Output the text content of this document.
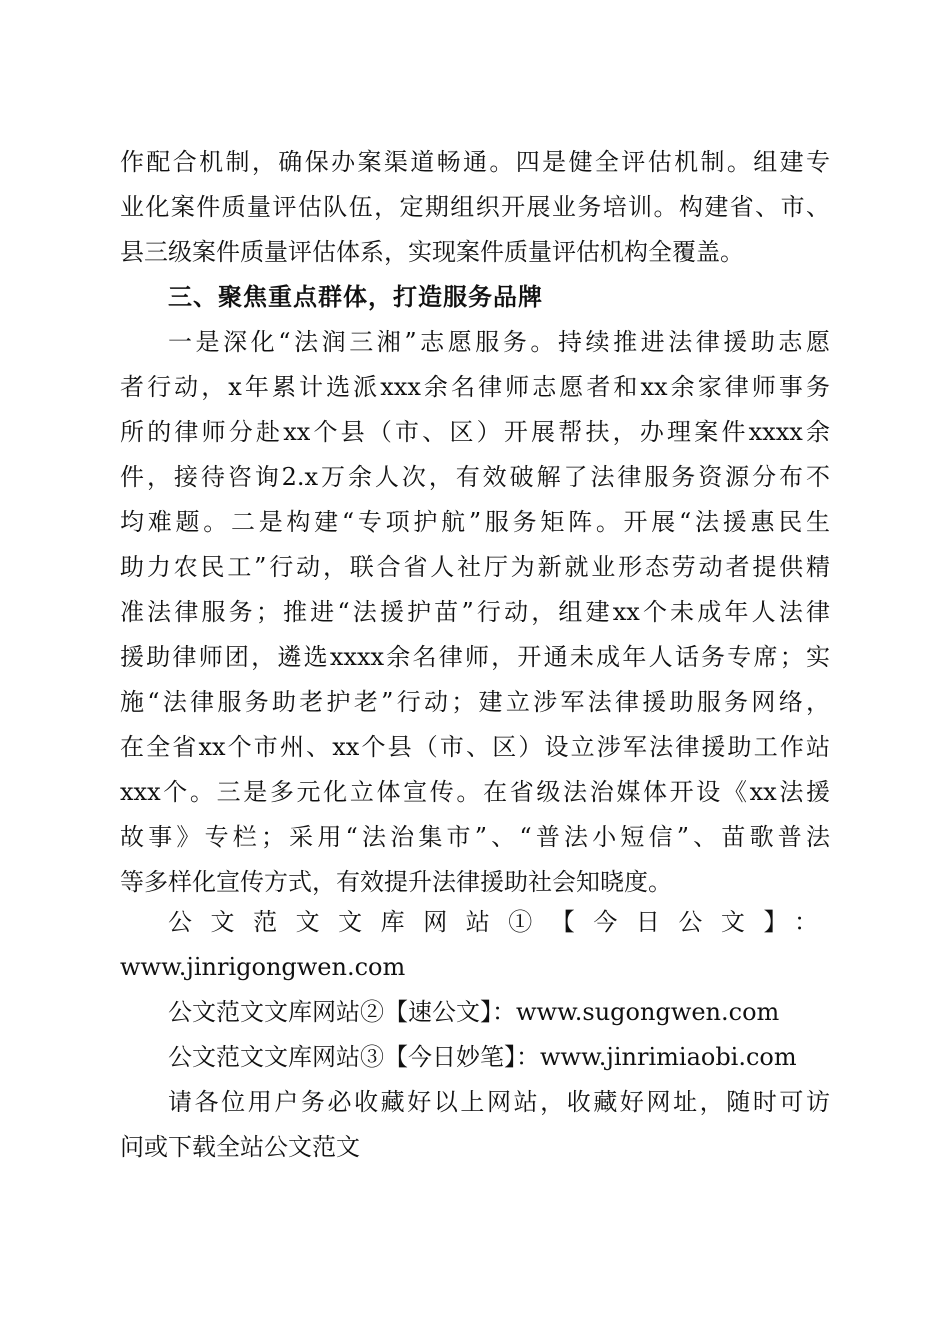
作配合机制，确保办案渠道畅通。四是健全评估机制。组建专
业化案件质量评估队伍，定期组织开展业务培训。构建省、市、
县三级案件质量评估体系，实现案件质量评估机构全覆盖。
三、聚焦重点群体，打造服务品牌
一是深化“法润三湘”志愿服务。持续推进法律援助志愿
者行动，x年累计选派xxx余名律师志愿者和xx余家律师事务
所的律师分赴xx个县（市、区）开展帮扶，办理案件xxxx余
件，接待咨询2.x万余人次，有效破解了法律服务资源分布不
均难题。二是构建“专项护航”服务矩阵。开展“法援惠民生
助力农民工”行动，联合省人社厅为新就业形态劳动者提供精
准法律服务；推进“法援护苗”行动，组建xx个未成年人法律
援助律师团，遴选xxxx余名律师，开通未成年人话务专席；实
施“法律服务助老护老”行动；建立涉军法律援助服务网络，
在全省xx个市州、xx个县（市、区）设立涉军法律援助工作站
xxx个。三是多元化立体宣传。在省级法治媒体开设《xx法援
故事》专栏；采用“法治集市”、“普法小短信”、苗歌普法
等多样化宣传方式，有效提升法律援助社会知晓度。
公文范文文库网站①【今日公文】：
www.jinrigongwen.com
公文范文文库网站②【速公文】：www.sugongwen.com
公文范文文库网站③【今日妙笔】：www.jinrimiaobi.com
请各位用户务必收藏好以上网站，收藏好网址，随时可访
问或下载全站公文范文
